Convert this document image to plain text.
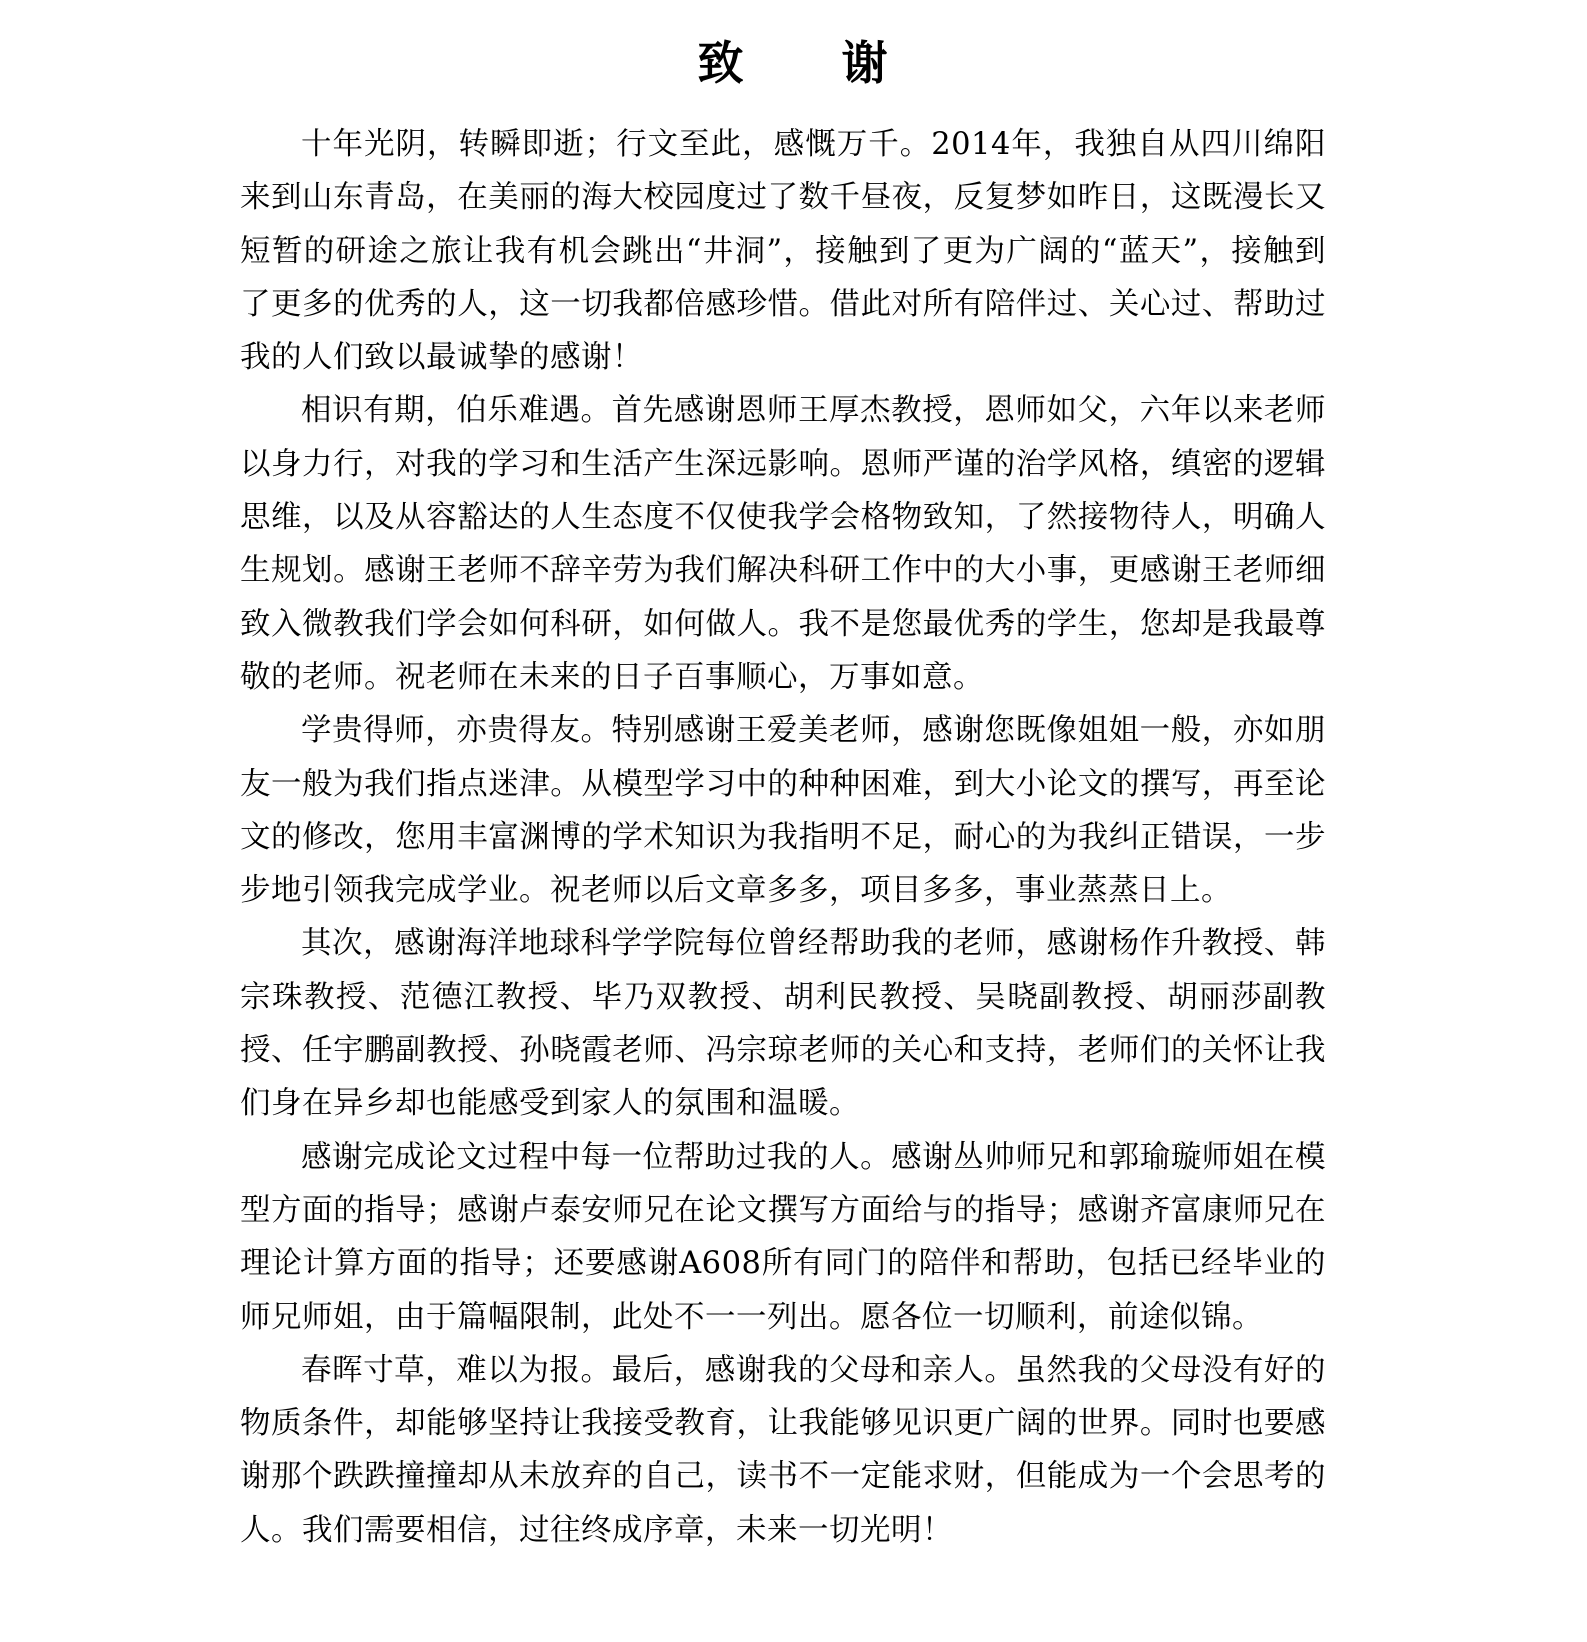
致　　谢

十年光阴，转瞬即逝；行文至此，感慨万千。2014年，我独自从四川绵阳来到山东青岛，在美丽的海大校园度过了数千昼夜，反复梦如昨日，这既漫长又短暂的研途之旅让我有机会跳出“井洞”，接触到了更为广阔的“蓝天”，接触到了更多的优秀的人，这一切我都倍感珍惜。借此对所有陪伴过、关心过、帮助过我的人们致以最诚挚的感谢！

相识有期，伯乐难遇。首先感谢恩师王厚杰教授，恩师如父，六年以来老师以身力行，对我的学习和生活产生深远影响。恩师严谨的治学风格，缜密的逻辑思维，以及从容豁达的人生态度不仅使我学会格物致知，了然接物待人，明确人生规划。感谢王老师不辞辛劳为我们解决科研工作中的大小事，更感谢王老师细致入微教我们学会如何科研，如何做人。我不是您最优秀的学生，您却是我最尊敬的老师。祝老师在未来的日子百事顺心，万事如意。

学贵得师，亦贵得友。特别感谢王爱美老师，感谢您既像姐姐一般，亦如朋友一般为我们指点迷津。从模型学习中的种种困难，到大小论文的撰写，再至论文的修改，您用丰富渊博的学术知识为我指明不足，耐心的为我纠正错误，一步步地引领我完成学业。祝老师以后文章多多，项目多多，事业蒸蒸日上。

其次，感谢海洋地球科学学院每位曾经帮助我的老师，感谢杨作升教授、韩宗珠教授、范德江教授、毕乃双教授、胡利民教授、吴晓副教授、胡丽莎副教授、任宇鹏副教授、孙晓霞老师、冯宗琼老师的关心和支持，老师们的关怀让我们身在异乡却也能感受到家人的氛围和温暖。

感谢完成论文过程中每一位帮助过我的人。感谢丛帅师兄和郭瑜璇师姐在模型方面的指导；感谢卢泰安师兄在论文撰写方面给与的指导；感谢齐富康师兄在理论计算方面的指导；还要感谢A608所有同门的陪伴和帮助，包括已经毕业的师兄师姐，由于篇幅限制，此处不一一列出。愿各位一切顺利，前途似锦。

春晖寸草，难以为报。最后，感谢我的父母和亲人。虽然我的父母没有好的物质条件，却能够坚持让我接受教育，让我能够见识更广阔的世界。同时也要感谢那个跌跌撞撞却从未放弃的自己，读书不一定能求财，但能成为一个会思考的人。我们需要相信，过往终成序章，未来一切光明！
